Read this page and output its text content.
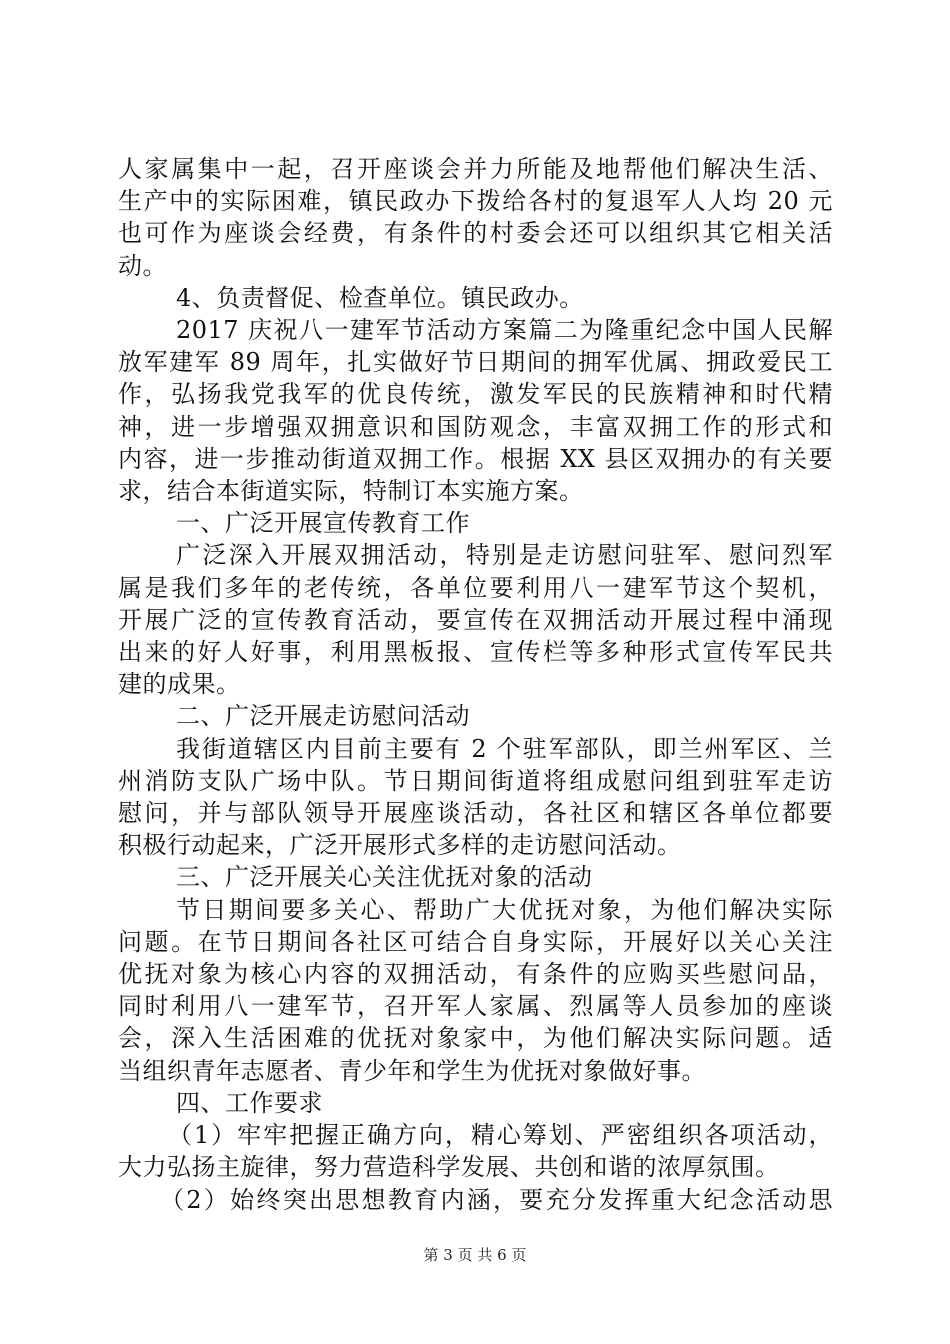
人家属集中一起，召开座谈会并力所能及地帮他们解决生活、
生产中的实际困难，镇民政办下拨给各村的复退军人人均 20 元
也可作为座谈会经费，有条件的村委会还可以组织其它相关活
动。
4、负责督促、检查单位。镇民政办。
2017 庆祝八一建军节活动方案篇二为隆重纪念中国人民解
放军建军 89 周年，扎实做好节日期间的拥军优属、拥政爱民工
作，弘扬我党我军的优良传统，激发军民的民族精神和时代精
神，进一步增强双拥意识和国防观念，丰富双拥工作的形式和
内容，进一步推动街道双拥工作。根据 XX 县区双拥办的有关要
求，结合本街道实际，特制订本实施方案。
一、广泛开展宣传教育工作
广泛深入开展双拥活动，特别是走访慰问驻军、慰问烈军
属是我们多年的老传统，各单位要利用八一建军节这个契机，
开展广泛的宣传教育活动，要宣传在双拥活动开展过程中涌现
出来的好人好事，利用黑板报、宣传栏等多种形式宣传军民共
建的成果。
二、广泛开展走访慰问活动
我街道辖区内目前主要有 2 个驻军部队，即兰州军区、兰
州消防支队广场中队。节日期间街道将组成慰问组到驻军走访
慰问，并与部队领导开展座谈活动，各社区和辖区各单位都要
积极行动起来，广泛开展形式多样的走访慰问活动。
三、广泛开展关心关注优抚对象的活动
节日期间要多关心、帮助广大优抚对象，为他们解决实际
问题。在节日期间各社区可结合自身实际，开展好以关心关注
优抚对象为核心内容的双拥活动，有条件的应购买些慰问品，
同时利用八一建军节，召开军人家属、烈属等人员参加的座谈
会，深入生活困难的优抚对象家中，为他们解决实际问题。适
当组织青年志愿者、青少年和学生为优抚对象做好事。
四、工作要求
（1）牢牢把握正确方向，精心筹划、严密组织各项活动，
大力弘扬主旋律，努力营造科学发展、共创和谐的浓厚氛围。
（2）始终突出思想教育内涵，要充分发挥重大纪念活动思
第 3 页 共 6 页
